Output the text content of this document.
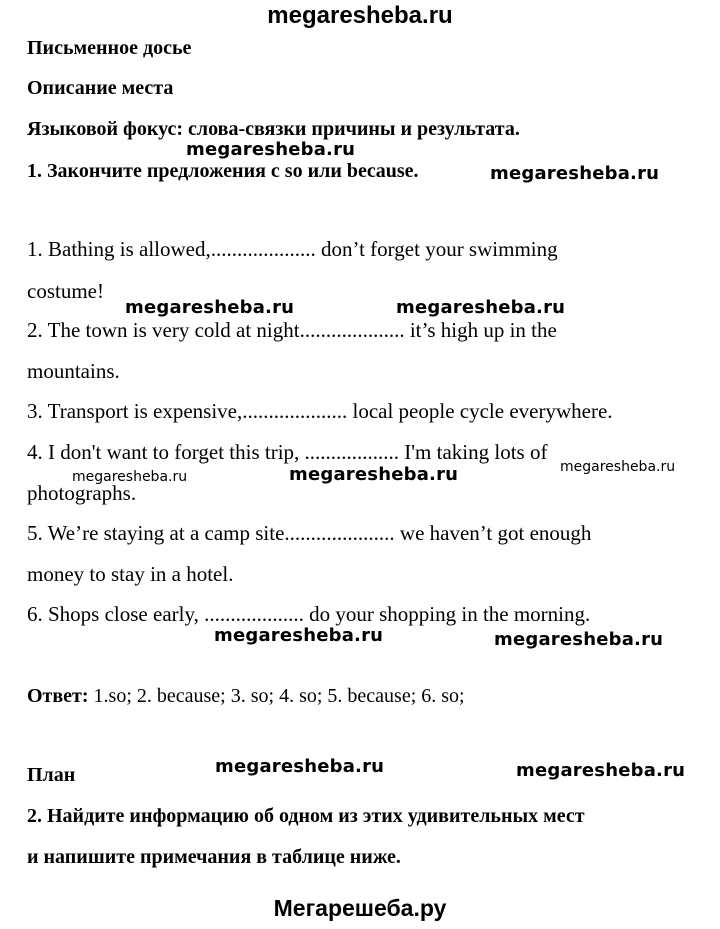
megaresheba.ru
Письменное досье
Описание места
Языковой фокус: слова-связки причины и результата.
megaresheba.ru
1. Закончите предложения с so или because.	megaresheba.ru
1. Bathing is allowed,.................... don’t forget your swimming
costume!
megaresheba.ru	megaresheba.ru
2. The town is very cold at night.................... it’s high up in the
mountains.
3. Transport is expensive,.................... local people cycle everywhere.
4. I don't want to forget this trip, .................. I'm taking lots of
megaresheba.ru	megaresheba.ru	megaresheba.ru
photographs.
5. We’re staying at a camp site..................... we haven’t got enough
money to stay in a hotel.
6. Shops close early, ................... do your shopping in the morning.
megaresheba.ru	megaresheba.ru
Ответ: 1.so; 2. because; 3. so; 4. so; 5. because; 6. so;
megaresheba.ru
План	megaresheba.ru
2. Найдите информацию об одном из этих удивительных мест
и напишите примечания в таблице ниже.
Мегарешеба.ру
